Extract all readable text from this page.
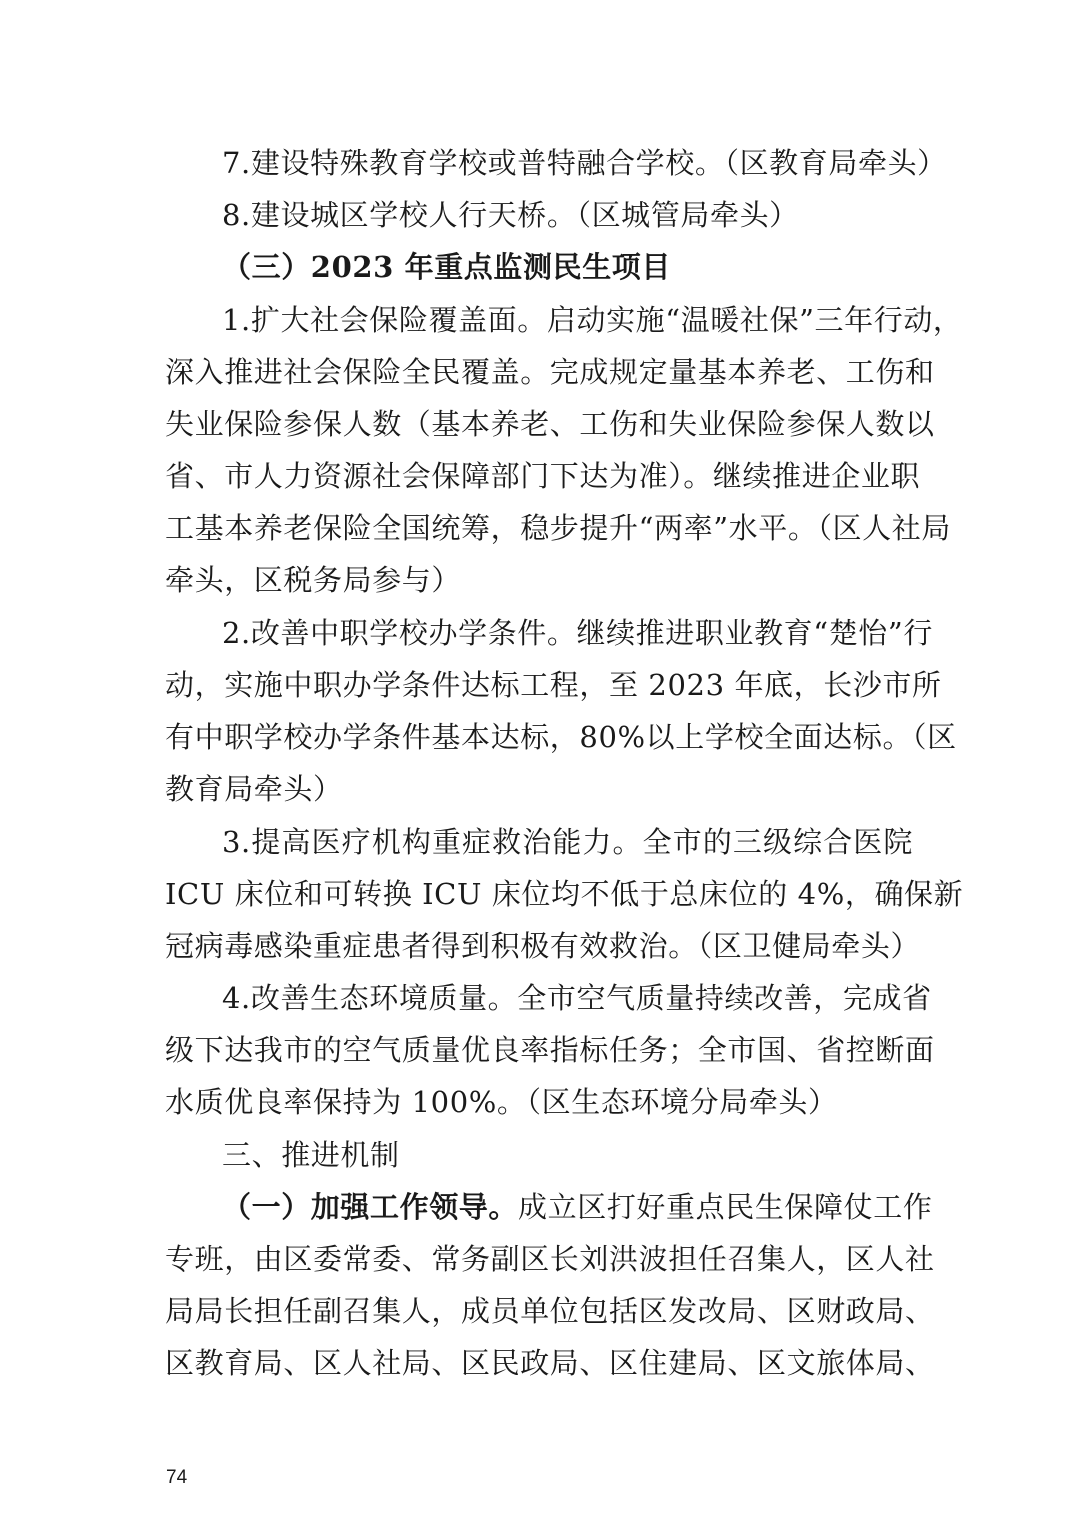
7.建设特殊教育学校或普特融合学校。（区教育局牵头）
8.建设城区学校人行天桥。（区城管局牵头）
（三）2023 年重点监测民生项目
1.扩大社会保险覆盖面。启动实施“温暖社保”三年行动，
深入推进社会保险全民覆盖。完成规定量基本养老、工伤和
失业保险参保人数（基本养老、工伤和失业保险参保人数以
省、市人力资源社会保障部门下达为准）。继续推进企业职
工基本养老保险全国统筹，稳步提升“两率”水平。（区人社局
牵头，区税务局参与）
2.改善中职学校办学条件。继续推进职业教育“楚怡”行
动，实施中职办学条件达标工程，至 2023 年底，长沙市所
有中职学校办学条件基本达标，80%以上学校全面达标。（区
教育局牵头）
3.提高医疗机构重症救治能力。全市的三级综合医院
ICU 床位和可转换 ICU 床位均不低于总床位的 4%，确保新
冠病毒感染重症患者得到积极有效救治。（区卫健局牵头）
4.改善生态环境质量。全市空气质量持续改善，完成省
级下达我市的空气质量优良率指标任务；全市国、省控断面
水质优良率保持为 100%。（区生态环境分局牵头）
三、推进机制
（一）加强工作领导。成立区打好重点民生保障仗工作
专班，由区委常委、常务副区长刘洪波担任召集人，区人社
局局长担任副召集人，成员单位包括区发改局、区财政局、
区教育局、区人社局、区民政局、区住建局、区文旅体局、
74
